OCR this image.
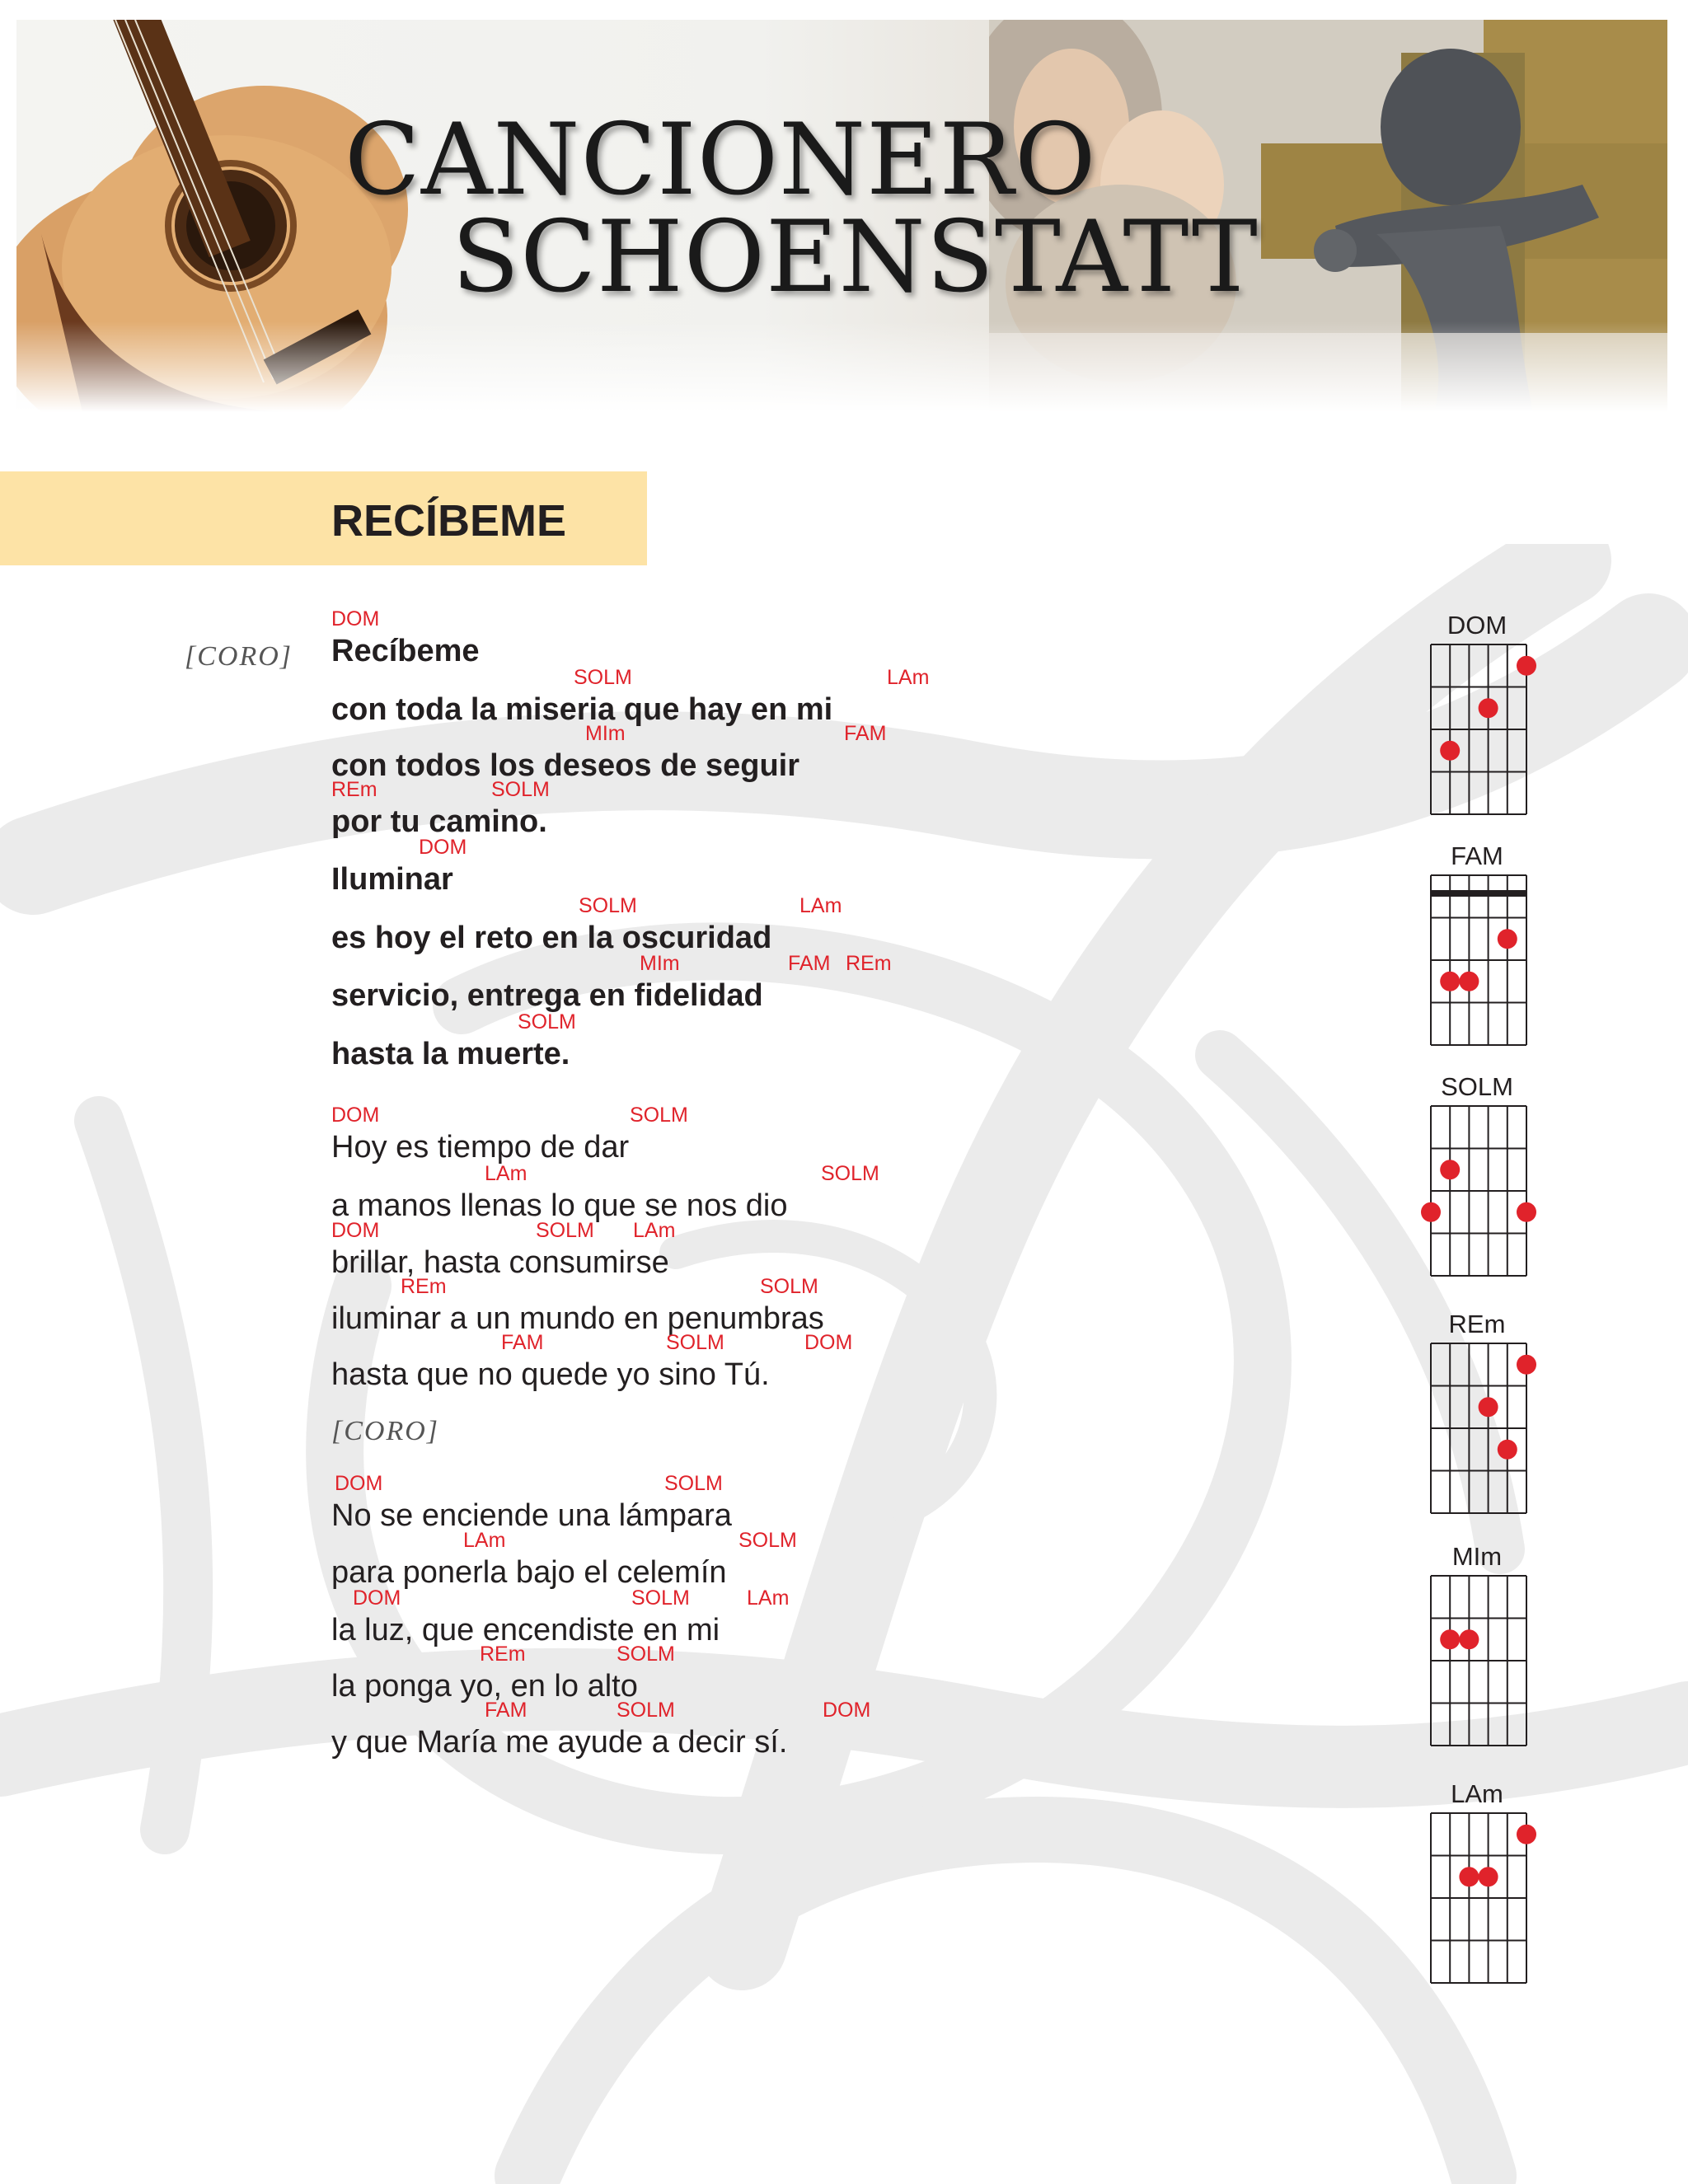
CANCIONERO
SCHOENSTATT
RECÍBEME
[CORO]
[CORO]
Recíbeme
DOM
con toda la miseria que hay en mi
SOLM	LAm
con todos los deseos de seguir
MIm	FAM
por tu camino.
REm	SOLM
Iluminar
DOM
es hoy el reto en la oscuridad
SOLM	LAm
servicio, entrega en fidelidad
MIm	FAM REm
hasta la muerte.
SOLM
Hoy es tiempo de dar
DOM	SOLM
a manos llenas lo que se nos dio
LAm	SOLM
brillar, hasta consumirse
DOM	SOLM LAm
iluminar a un mundo en penumbras
REm	SOLM
hasta que no quede yo sino Tú.
FAM	SOLM	DOM
No se enciende una lámpara
DOM	SOLM
para ponerla bajo el celemín
LAm	SOLM
la luz, que encendiste en mi
DOM	SOLM	LAm
la ponga yo, en lo alto
REm	SOLM
y que María me ayude a decir sí.
FAM	SOLM	DOM
DOM
FAM
SOLM
REm
MIm
LAm
